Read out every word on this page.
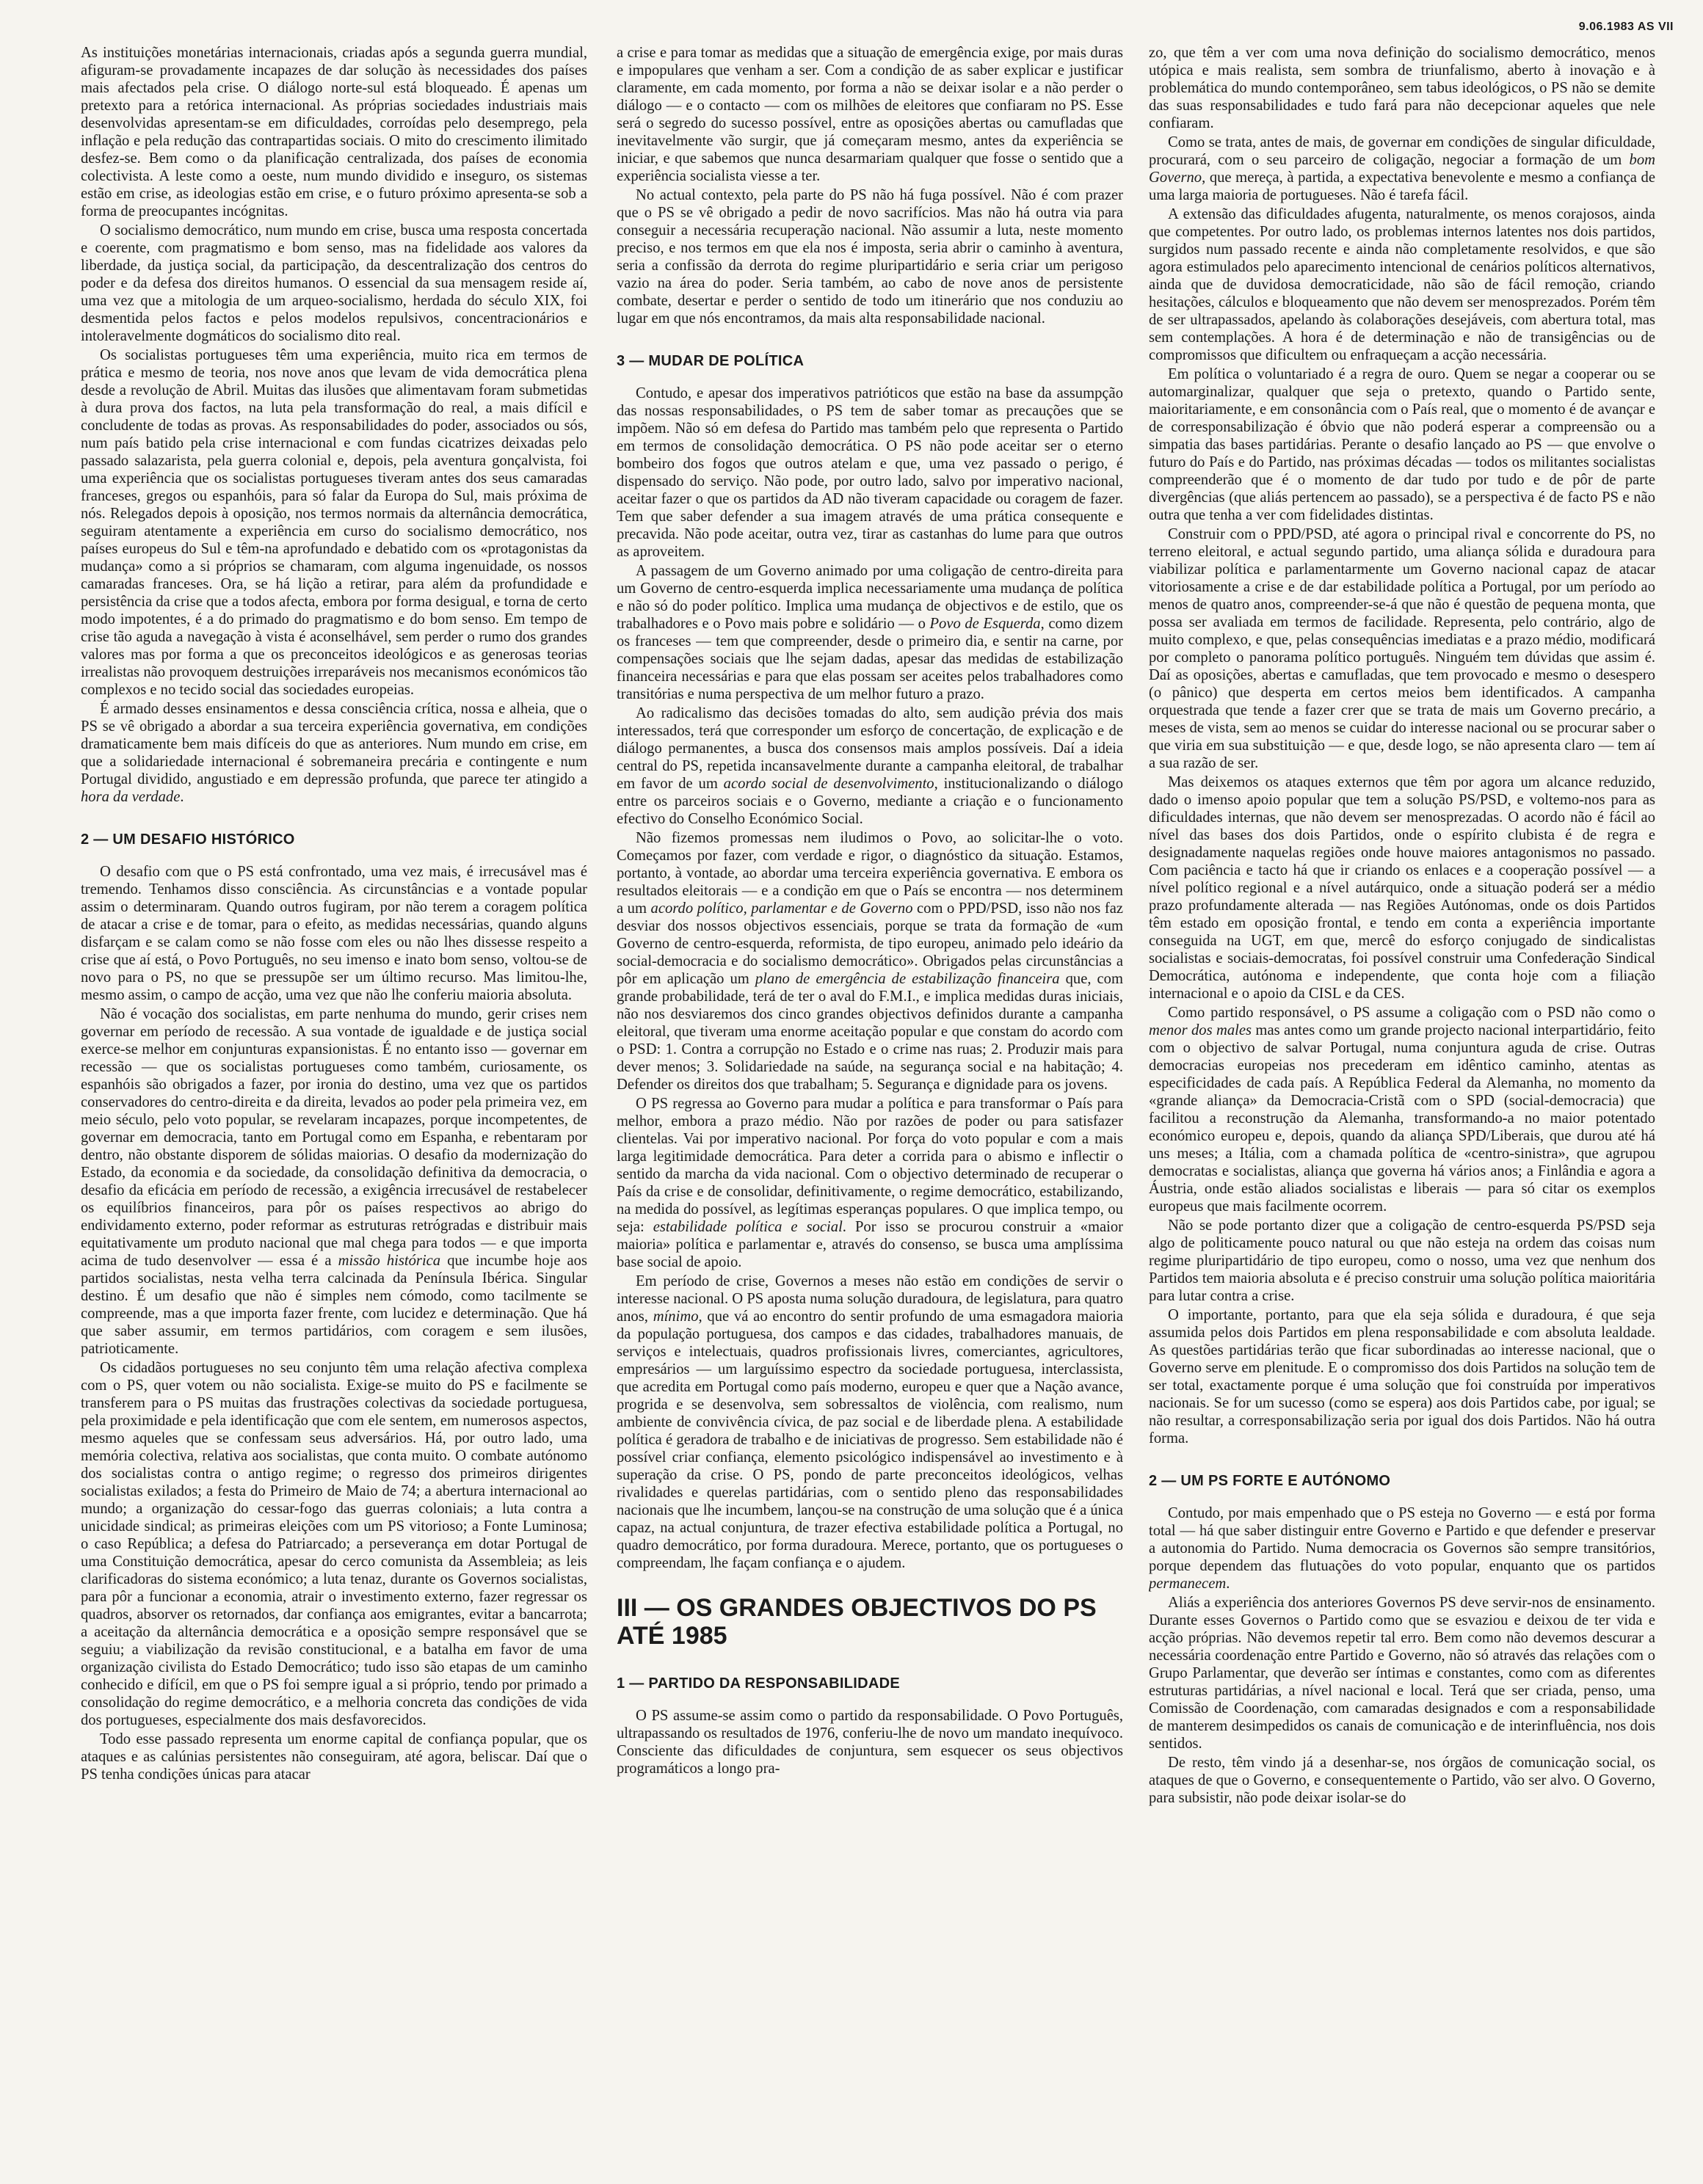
9.06.1983 AS VII

As instituições monetárias internacionais, criadas após a segunda guerra mundial, afiguram-se provadamente incapazes de dar solução às necessidades dos países mais afectados pela crise. O diálogo norte-sul está bloqueado. É apenas um pretexto para a retórica internacional. As próprias sociedades industriais mais desenvolvidas apresentam-se em dificuldades, corroídas pelo desemprego, pela inflação e pela redução das contrapartidas sociais. O mito do crescimento ilimitado desfez-se. Bem como o da planificação centralizada, dos países de economia colectivista. A leste como a oeste, num mundo dividido e inseguro, os sistemas estão em crise, as ideologias estão em crise, e o futuro próximo apresenta-se sob a forma de preocupantes incógnitas.

O socialismo democrático, num mundo em crise, busca uma resposta concertada e coerente, com pragmatismo e bom senso, mas na fidelidade aos valores da liberdade, da justiça social, da participação, da descentralização dos centros do poder e da defesa dos direitos humanos. O essencial da sua mensagem reside aí, uma vez que a mitologia de um arqueo-socialismo, herdada do século XIX, foi desmentida pelos factos e pelos modelos repulsivos, concentracionários e intoleravelmente dogmáticos do socialismo dito real.

Os socialistas portugueses têm uma experiência, muito rica em termos de prática e mesmo de teoria, nos nove anos que levam de vida democrática plena desde a revolução de Abril. Muitas das ilusões que alimentavam foram submetidas à dura prova dos factos, na luta pela transformação do real, a mais difícil e concludente de todas as provas. As responsabilidades do poder, associados ou sós, num país batido pela crise internacional e com fundas cicatrizes deixadas pelo passado salazarista, pela guerra colonial e, depois, pela aventura gonçalvista, foi uma experiência que os socialistas portugueses tiveram antes dos seus camaradas franceses, gregos ou espanhóis, para só falar da Europa do Sul, mais próxima de nós. Relegados depois à oposição, nos termos normais da alternância democrática, seguiram atentamente a experiência em curso do socialismo democrático, nos países europeus do Sul e têm-na aprofundado e debatido com os «protagonistas da mudança» como a si próprios se chamaram, com alguma ingenuidade, os nossos camaradas franceses. Ora, se há lição a retirar, para além da profundidade e persistência da crise que a todos afecta, embora por forma desigual, e torna de certo modo impotentes, é a do primado do pragmatismo e do bom senso. Em tempo de crise tão aguda a navegação à vista é aconselhável, sem perder o rumo dos grandes valores mas por forma a que os preconceitos ideológicos e as generosas teorias irrealistas não provoquem destruições irreparáveis nos mecanismos económicos tão complexos e no tecido social das sociedades europeias.

É armado desses ensinamentos e dessa consciência crítica, nossa e alheia, que o PS se vê obrigado a abordar a sua terceira experiência governativa, em condições dramaticamente bem mais difíceis do que as anteriores. Num mundo em crise, em que a solidariedade internacional é sobremaneira precária e contingente e num Portugal dividido, angustiado e em depressão profunda, que parece ter atingido a hora da verdade.

2 — UM DESAFIO HISTÓRICO

O desafio com que o PS está confrontado, uma vez mais, é irrecusável mas é tremendo. Tenhamos disso consciência. As circunstâncias e a vontade popular assim o determinaram. Quando outros fugiram, por não terem a coragem política de atacar a crise e de tomar, para o efeito, as medidas necessárias, quando alguns disfarçam e se calam como se não fosse com eles ou não lhes dissesse respeito a crise que aí está, o Povo Português, no seu imenso e inato bom senso, voltou-se de novo para o PS, no que se pressupõe ser um último recurso. Mas limitou-lhe, mesmo assim, o campo de acção, uma vez que não lhe conferiu maioria absoluta.

Não é vocação dos socialistas, em parte nenhuma do mundo, gerir crises nem governar em período de recessão. A sua vontade de igualdade e de justiça social exerce-se melhor em conjunturas expansionistas. É no entanto isso — governar em recessão — que os socialistas portugueses como também, curiosamente, os espanhóis são obrigados a fazer, por ironia do destino, uma vez que os partidos conservadores do centro-direita e da direita, levados ao poder pela primeira vez, em meio século, pelo voto popular, se revelaram incapazes, porque incompetentes, de governar em democracia, tanto em Portugal como em Espanha, e rebentaram por dentro, não obstante disporem de sólidas maiorias. O desafio da modernização do Estado, da economia e da sociedade, da consolidação definitiva da democracia, o desafio da eficácia em período de recessão, a exigência irrecusável de restabelecer os equilíbrios financeiros, para pôr os países respectivos ao abrigo do endividamento externo, poder reformar as estruturas retrógradas e distribuir mais equitativamente um produto nacional que mal chega para todos — e que importa acima de tudo desenvolver — essa é a missão histórica que incumbe hoje aos partidos socialistas, nesta velha terra calcinada da Península Ibérica. Singular destino. É um desafio que não é simples nem cómodo, como tacilmente se compreende, mas a que importa fazer frente, com lucidez e determinação. Que há que saber assumir, em termos partidários, com coragem e sem ilusões, patrioticamente.

Os cidadãos portugueses no seu conjunto têm uma relação afectiva complexa com o PS, quer votem ou não socialista. Exige-se muito do PS e facilmente se transferem para o PS muitas das frustrações colectivas da sociedade portuguesa, pela proximidade e pela identificação que com ele sentem, em numerosos aspectos, mesmo aqueles que se confessam seus adversários. Há, por outro lado, uma memória colectiva, relativa aos socialistas, que conta muito. O combate autónomo dos socialistas contra o antigo regime; o regresso dos primeiros dirigentes socialistas exilados; a festa do Primeiro de Maio de 74; a abertura internacional ao mundo; a organização do cessar-fogo das guerras coloniais; a luta contra a unicidade sindical; as primeiras eleições com um PS vitorioso; a Fonte Luminosa; o caso República; a defesa do Patriarcado; a perseverança em dotar Portugal de uma Constituição democrática, apesar do cerco comunista da Assembleia; as leis clarificadoras do sistema económico; a luta tenaz, durante os Governos socialistas, para pôr a funcionar a economia, atrair o investimento externo, fazer regressar os quadros, absorver os retornados, dar confiança aos emigrantes, evitar a bancarrota; a aceitação da alternância democrática e a oposição sempre responsável que se seguiu; a viabilização da revisão constitucional, e a batalha em favor de uma organização civilista do Estado Democrático; tudo isso são etapas de um caminho conhecido e difícil, em que o PS foi sempre igual a si próprio, tendo por primado a consolidação do regime democrático, e a melhoria concreta das condições de vida dos portugueses, especialmente dos mais desfavorecidos.

Todo esse passado representa um enorme capital de confiança popular, que os ataques e as calúnias persistentes não conseguiram, até agora, beliscar. Daí que o PS tenha condições únicas para atacar

a crise e para tomar as medidas que a situação de emergência exige, por mais duras e impopulares que venham a ser. Com a condição de as saber explicar e justificar claramente, em cada momento, por forma a não se deixar isolar e a não perder o diálogo — e o contacto — com os milhões de eleitores que confiaram no PS. Esse será o segredo do sucesso possível, entre as oposições abertas ou camufladas que inevitavelmente vão surgir, que já começaram mesmo, antes da experiência se iniciar, e que sabemos que nunca desarmariam qualquer que fosse o sentido que a experiência socialista viesse a ter.

No actual contexto, pela parte do PS não há fuga possível. Não é com prazer que o PS se vê obrigado a pedir de novo sacrifícios. Mas não há outra via para conseguir a necessária recuperação nacional. Não assumir a luta, neste momento preciso, e nos termos em que ela nos é imposta, seria abrir o caminho à aventura, seria a confissão da derrota do regime pluripartidário e seria criar um perigoso vazio na área do poder. Seria também, ao cabo de nove anos de persistente combate, desertar e perder o sentido de todo um itinerário que nos conduziu ao lugar em que nós encontramos, da mais alta responsabilidade nacional.

3 — MUDAR DE POLÍTICA

Contudo, e apesar dos imperativos patrióticos que estão na base da assumpção das nossas responsabilidades, o PS tem de saber tomar as precauções que se impõem. Não só em defesa do Partido mas também pelo que representa o Partido em termos de consolidação democrática. O PS não pode aceitar ser o eterno bombeiro dos fogos que outros atelam e que, uma vez passado o perigo, é dispensado do serviço. Não pode, por outro lado, salvo por imperativo nacional, aceitar fazer o que os partidos da AD não tiveram capacidade ou coragem de fazer. Tem que saber defender a sua imagem através de uma prática consequente e precavida. Não pode aceitar, outra vez, tirar as castanhas do lume para que outros as aproveitem.

A passagem de um Governo animado por uma coligação de centro-direita para um Governo de centro-esquerda implica necessariamente uma mudança de política e não só do poder político. Implica uma mudança de objectivos e de estilo, que os trabalhadores e o Povo mais pobre e solidário — o Povo de Esquerda, como dizem os franceses — tem que compreender, desde o primeiro dia, e sentir na carne, por compensações sociais que lhe sejam dadas, apesar das medidas de estabilização financeira necessárias e para que elas possam ser aceites pelos trabalhadores como transitórias e numa perspectiva de um melhor futuro a prazo.

Ao radicalismo das decisões tomadas do alto, sem audição prévia dos mais interessados, terá que corresponder um esforço de concertação, de explicação e de diálogo permanentes, a busca dos consensos mais amplos possíveis. Daí a ideia central do PS, repetida incansavelmente durante a campanha eleitoral, de trabalhar em favor de um acordo social de desenvolvimento, institucionalizando o diálogo entre os parceiros sociais e o Governo, mediante a criação e o funcionamento efectivo do Conselho Económico Social.

Não fizemos promessas nem iludimos o Povo, ao solicitar-lhe o voto. Começamos por fazer, com verdade e rigor, o diagnóstico da situação. Estamos, portanto, à vontade, ao abordar uma terceira experiência governativa. E embora os resultados eleitorais — e a condição em que o País se encontra — nos determinem a um acordo político, parlamentar e de Governo com o PPD/PSD, isso não nos faz desviar dos nossos objectivos essenciais, porque se trata da formação de «um Governo de centro-esquerda, reformista, de tipo europeu, animado pelo ideário da social-democracia e do socialismo democrático». Obrigados pelas circunstâncias a pôr em aplicação um plano de emergência de estabilização financeira que, com grande probabilidade, terá de ter o aval do F.M.I., e implica medidas duras iniciais, não nos desviaremos dos cinco grandes objectivos definidos durante a campanha eleitoral, que tiveram uma enorme aceitação popular e que constam do acordo com o PSD: 1. Contra a corrupção no Estado e o crime nas ruas; 2. Produzir mais para dever menos; 3. Solidariedade na saúde, na segurança social e na habitação; 4. Defender os direitos dos que trabalham; 5. Segurança e dignidade para os jovens.

O PS regressa ao Governo para mudar a política e para transformar o País para melhor, embora a prazo médio. Não por razões de poder ou para satisfazer clientelas. Vai por imperativo nacional. Por força do voto popular e com a mais larga legitimidade democrática. Para deter a corrida para o abismo e inflectir o sentido da marcha da vida nacional. Com o objectivo determinado de recuperar o País da crise e de consolidar, definitivamente, o regime democrático, estabilizando, na medida do possível, as legítimas esperanças populares. O que implica tempo, ou seja: estabilidade política e social. Por isso se procurou construir a «maior maioria» política e parlamentar e, através do consenso, se busca uma amplíssima base social de apoio.

Em período de crise, Governos a meses não estão em condições de servir o interesse nacional. O PS aposta numa solução duradoura, de legislatura, para quatro anos, mínimo, que vá ao encontro do sentir profundo de uma esmagadora maioria da população portuguesa, dos campos e das cidades, trabalhadores manuais, de serviços e intelectuais, quadros profissionais livres, comerciantes, agricultores, empresários — um larguíssimo espectro da sociedade portuguesa, interclassista, que acredita em Portugal como país moderno, europeu e quer que a Nação avance, progrida e se desenvolva, sem sobressaltos de violência, com realismo, num ambiente de convivência cívica, de paz social e de liberdade plena. A estabilidade política é geradora de trabalho e de iniciativas de progresso. Sem estabilidade não é possível criar confiança, elemento psicológico indispensável ao investimento e à superação da crise. O PS, pondo de parte preconceitos ideológicos, velhas rivalidades e querelas partidárias, com o sentido pleno das responsabilidades nacionais que lhe incumbem, lançou-se na construção de uma solução que é a única capaz, na actual conjuntura, de trazer efectiva estabilidade política a Portugal, no quadro democrático, por forma duradoura. Merece, portanto, que os portugueses o compreendam, lhe façam confiança e o ajudem.

III — OS GRANDES OBJECTIVOS DO PS ATÉ 1985
1 — PARTIDO DA RESPONSABILIDADE

O PS assume-se assim como o partido da responsabilidade. O Povo Português, ultrapassando os resultados de 1976, conferiu-lhe de novo um mandato inequívoco. Consciente das dificuldades de conjuntura, sem esquecer os seus objectivos programáticos a longo pra-

zo, que têm a ver com uma nova definição do socialismo democrático, menos utópica e mais realista, sem sombra de triunfalismo, aberto à inovação e à problemática do mundo contemporâneo, sem tabus ideológicos, o PS não se demite das suas responsabilidades e tudo fará para não decepcionar aqueles que nele confiaram.

Como se trata, antes de mais, de governar em condições de singular dificuldade, procurará, com o seu parceiro de coligação, negociar a formação de um bom Governo, que mereça, à partida, a expectativa benevolente e mesmo a confiança de uma larga maioria de portugueses. Não é tarefa fácil.

A extensão das dificuldades afugenta, naturalmente, os menos corajosos, ainda que competentes. Por outro lado, os problemas internos latentes nos dois partidos, surgidos num passado recente e ainda não completamente resolvidos, e que são agora estimulados pelo aparecimento intencional de cenários políticos alternativos, ainda que de duvidosa democraticidade, não são de fácil remoção, criando hesitações, cálculos e bloqueamento que não devem ser menosprezados. Porém têm de ser ultrapassados, apelando às colaborações desejáveis, com abertura total, mas sem contemplações. A hora é de determinação e não de transigências ou de compromissos que dificultem ou enfraqueçam a acção necessária.

Em política o voluntariado é a regra de ouro. Quem se negar a cooperar ou se automarginalizar, qualquer que seja o pretexto, quando o Partido sente, maioritariamente, e em consonância com o País real, que o momento é de avançar e de corresponsabilização é óbvio que não poderá esperar a compreensão ou a simpatia das bases partidárias. Perante o desafio lançado ao PS — que envolve o futuro do País e do Partido, nas próximas décadas — todos os militantes socialistas compreenderão que é o momento de dar tudo por tudo e de pôr de parte divergências (que aliás pertencem ao passado), se a perspectiva é de facto PS e não outra que tenha a ver com fidelidades distintas.

Construir com o PPD/PSD, até agora o principal rival e concorrente do PS, no terreno eleitoral, e actual segundo partido, uma aliança sólida e duradoura para viabilizar política e parlamentarmente um Governo nacional capaz de atacar vitoriosamente a crise e de dar estabilidade política a Portugal, por um período ao menos de quatro anos, compreender-se-á que não é questão de pequena monta, que possa ser avaliada em termos de facilidade. Representa, pelo contrário, algo de muito complexo, e que, pelas consequências imediatas e a prazo médio, modificará por completo o panorama político português. Ninguém tem dúvidas que assim é. Daí as oposições, abertas e camufladas, que tem provocado e mesmo o desespero (o pânico) que desperta em certos meios bem identificados. A campanha orquestrada que tende a fazer crer que se trata de mais um Governo precário, a meses de vista, sem ao menos se cuidar do interesse nacional ou se procurar saber o que viria em sua substituição — e que, desde logo, se não apresenta claro — tem aí a sua razão de ser.

Mas deixemos os ataques externos que têm por agora um alcance reduzido, dado o imenso apoio popular que tem a solução PS/PSD, e voltemo-nos para as dificuldades internas, que não devem ser menosprezadas. O acordo não é fácil ao nível das bases dos dois Partidos, onde o espírito clubista é de regra e designadamente naquelas regiões onde houve maiores antagonismos no passado. Com paciência e tacto há que ir criando os enlaces e a cooperação possível — a nível político regional e a nível autárquico, onde a situação poderá ser a médio prazo profundamente alterada — nas Regiões Autónomas, onde os dois Partidos têm estado em oposição frontal, e tendo em conta a experiência importante conseguida na UGT, em que, mercê do esforço conjugado de sindicalistas socialistas e sociais-democratas, foi possível construir uma Confederação Sindical Democrática, autónoma e independente, que conta hoje com a filiação internacional e o apoio da CISL e da CES.

Como partido responsável, o PS assume a coligação com o PSD não como o menor dos males mas antes como um grande projecto nacional interpartidário, feito com o objectivo de salvar Portugal, numa conjuntura aguda de crise. Outras democracias europeias nos precederam em idêntico caminho, atentas as especificidades de cada país. A República Federal da Alemanha, no momento da «grande aliança» da Democracia-Cristã com o SPD (social-democracia) que facilitou a reconstrução da Alemanha, transformando-a no maior potentado económico europeu e, depois, quando da aliança SPD/Liberais, que durou até há uns meses; a Itália, com a chamada política de «centro-sinistra», que agrupou democratas e socialistas, aliança que governa há vários anos; a Finlândia e agora a Áustria, onde estão aliados socialistas e liberais — para só citar os exemplos europeus que mais facilmente ocorrem.

Não se pode portanto dizer que a coligação de centro-esquerda PS/PSD seja algo de politicamente pouco natural ou que não esteja na ordem das coisas num regime pluripartidário de tipo europeu, como o nosso, uma vez que nenhum dos Partidos tem maioria absoluta e é preciso construir uma solução política maioritária para lutar contra a crise.

O importante, portanto, para que ela seja sólida e duradoura, é que seja assumida pelos dois Partidos em plena responsabilidade e com absoluta lealdade. As questões partidárias terão que ficar subordinadas ao interesse nacional, que o Governo serve em plenitude. E o compromisso dos dois Partidos na solução tem de ser total, exactamente porque é uma solução que foi construída por imperativos nacionais. Se for um sucesso (como se espera) aos dois Partidos cabe, por igual; se não resultar, a corresponsabilização seria por igual dos dois Partidos. Não há outra forma.

2 — UM PS FORTE E AUTÓNOMO

Contudo, por mais empenhado que o PS esteja no Governo — e está por forma total — há que saber distinguir entre Governo e Partido e que defender e preservar a autonomia do Partido. Numa democracia os Governos são sempre transitórios, porque dependem das flutuações do voto popular, enquanto que os partidos permanecem.

Aliás a experiência dos anteriores Governos PS deve servir-nos de ensinamento. Durante esses Governos o Partido como que se esvaziou e deixou de ter vida e acção próprias. Não devemos repetir tal erro. Bem como não devemos descurar a necessária coordenação entre Partido e Governo, não só através das relações com o Grupo Parlamentar, que deverão ser íntimas e constantes, como com as diferentes estruturas partidárias, a nível nacional e local. Terá que ser criada, penso, uma Comissão de Coordenação, com camaradas designados e com a responsabilidade de manterem desimpedidos os canais de comunicação e de interinfluência, nos dois sentidos.

De resto, têm vindo já a desenhar-se, nos órgãos de comunicação social, os ataques de que o Governo, e consequentemente o Partido, vão ser alvo. O Governo, para subsistir, não pode deixar isolar-se do
